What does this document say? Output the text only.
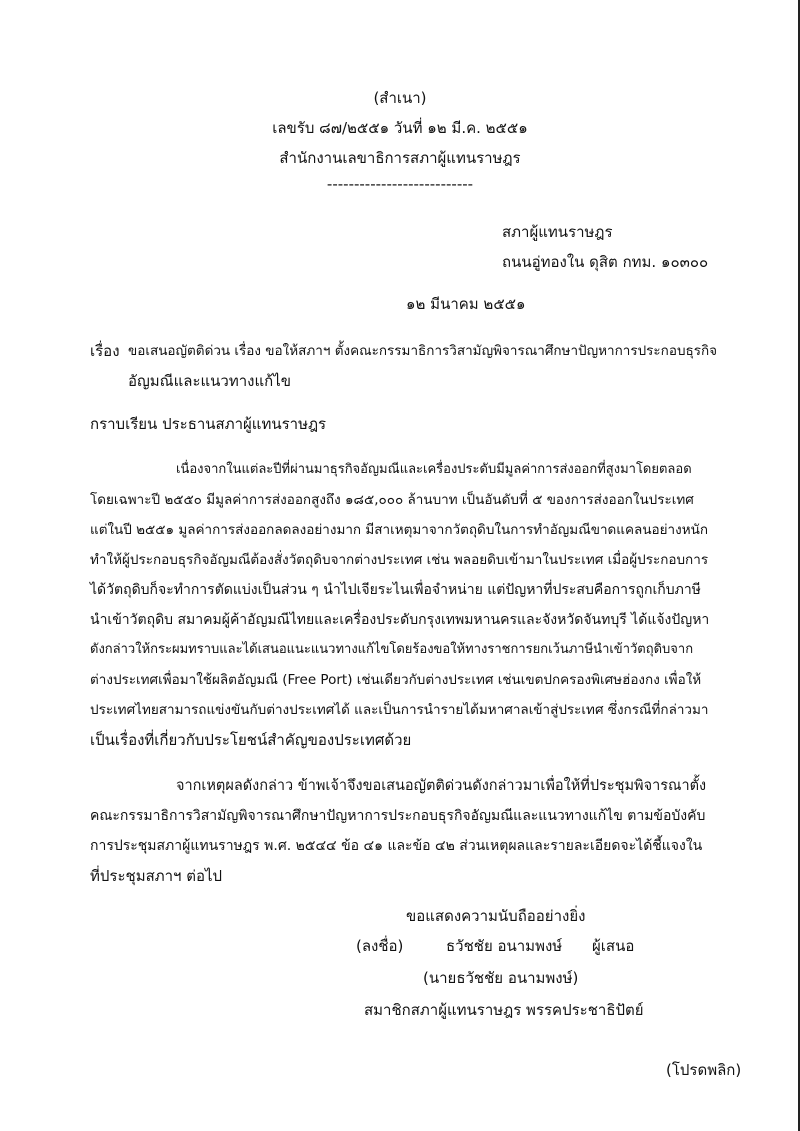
(สำเนา)
เลขรับ ๘๗/๒๕๕๑ วันที่ ๑๒ มี.ค. ๒๕๕๑
สำนักงานเลขาธิการสภาผู้แทนราษฎร
---------------------------
สภาผู้แทนราษฎร
ถนนอู่ทองใน ดุสิต กทม. ๑๐๓๐๐
๑๒ มีนาคม ๒๕๕๑
เรื่อง ขอเสนอญัตติด่วน เรื่อง ขอให้สภาฯ ตั้งคณะกรรมาธิการวิสามัญพิจารณาศึกษาปัญหาการประกอบธุรกิจ
อัญมณีและแนวทางแก้ไข
กราบเรียน ประธานสภาผู้แทนราษฎร
เนื่องจากในแต่ละปีที่ผ่านมาธุรกิจอัญมณีและเครื่องประดับมีมูลค่าการส่งออกที่สูงมาโดยตลอด
โดยเฉพาะปี ๒๕๕๐ มีมูลค่าการส่งออกสูงถึง ๑๘๕,๐๐๐ ล้านบาท เป็นอันดับที่ ๕ ของการส่งออกในประเทศ
แต่ในปี ๒๕๕๑ มูลค่าการส่งออกลดลงอย่างมาก มีสาเหตุมาจากวัตถุดิบในการทำอัญมณีขาดแคลนอย่างหนัก
ทำให้ผู้ประกอบธุรกิจอัญมณีต้องสั่งวัตถุดิบจากต่างประเทศ เช่น พลอยดิบเข้ามาในประเทศ เมื่อผู้ประกอบการ
ได้วัตถุดิบก็จะทำการตัดแบ่งเป็นส่วน ๆ นำไปเจียระไนเพื่อจำหน่าย แต่ปัญหาที่ประสบคือการถูกเก็บภาษี
นำเข้าวัตถุดิบ สมาคมผู้ค้าอัญมณีไทยและเครื่องประดับกรุงเทพมหานครและจังหวัดจันทบุรี ได้แจ้งปัญหา
ดังกล่าวให้กระผมทราบและได้เสนอแนะแนวทางแก้ไขโดยร้องขอให้ทางราชการยกเว้นภาษีนำเข้าวัตถุดิบจาก
ต่างประเทศเพื่อมาใช้ผลิตอัญมณี (Free Port) เช่นเดียวกับต่างประเทศ เช่นเขตปกครองพิเศษฮ่องกง เพื่อให้
ประเทศไทยสามารถแข่งขันกับต่างประเทศได้ และเป็นการนำรายได้มหาศาลเข้าสู่ประเทศ ซึ่งกรณีที่กล่าวมา
เป็นเรื่องที่เกี่ยวกับประโยชน์สำคัญของประเทศด้วย
จากเหตุผลดังกล่าว ข้าพเจ้าจึงขอเสนอญัตติด่วนดังกล่าวมาเพื่อให้ที่ประชุมพิจารณาตั้ง
คณะกรรมาธิการวิสามัญพิจารณาศึกษาปัญหาการประกอบธุรกิจอัญมณีและแนวทางแก้ไข ตามข้อบังคับ
การประชุมสภาผู้แทนราษฎร พ.ศ. ๒๕๔๔ ข้อ ๔๑ และข้อ ๔๒ ส่วนเหตุผลและรายละเอียดจะได้ชี้แจงใน
ที่ประชุมสภาฯ ต่อไป
ขอแสดงความนับถืออย่างยิ่ง
(ลงชื่อ)	ธวัชชัย อนามพงษ์ ผู้เสนอ
(นายธวัชชัย อนามพงษ์)
สมาชิกสภาผู้แทนราษฎร พรรคประชาธิปัตย์
(โปรดพลิก)
